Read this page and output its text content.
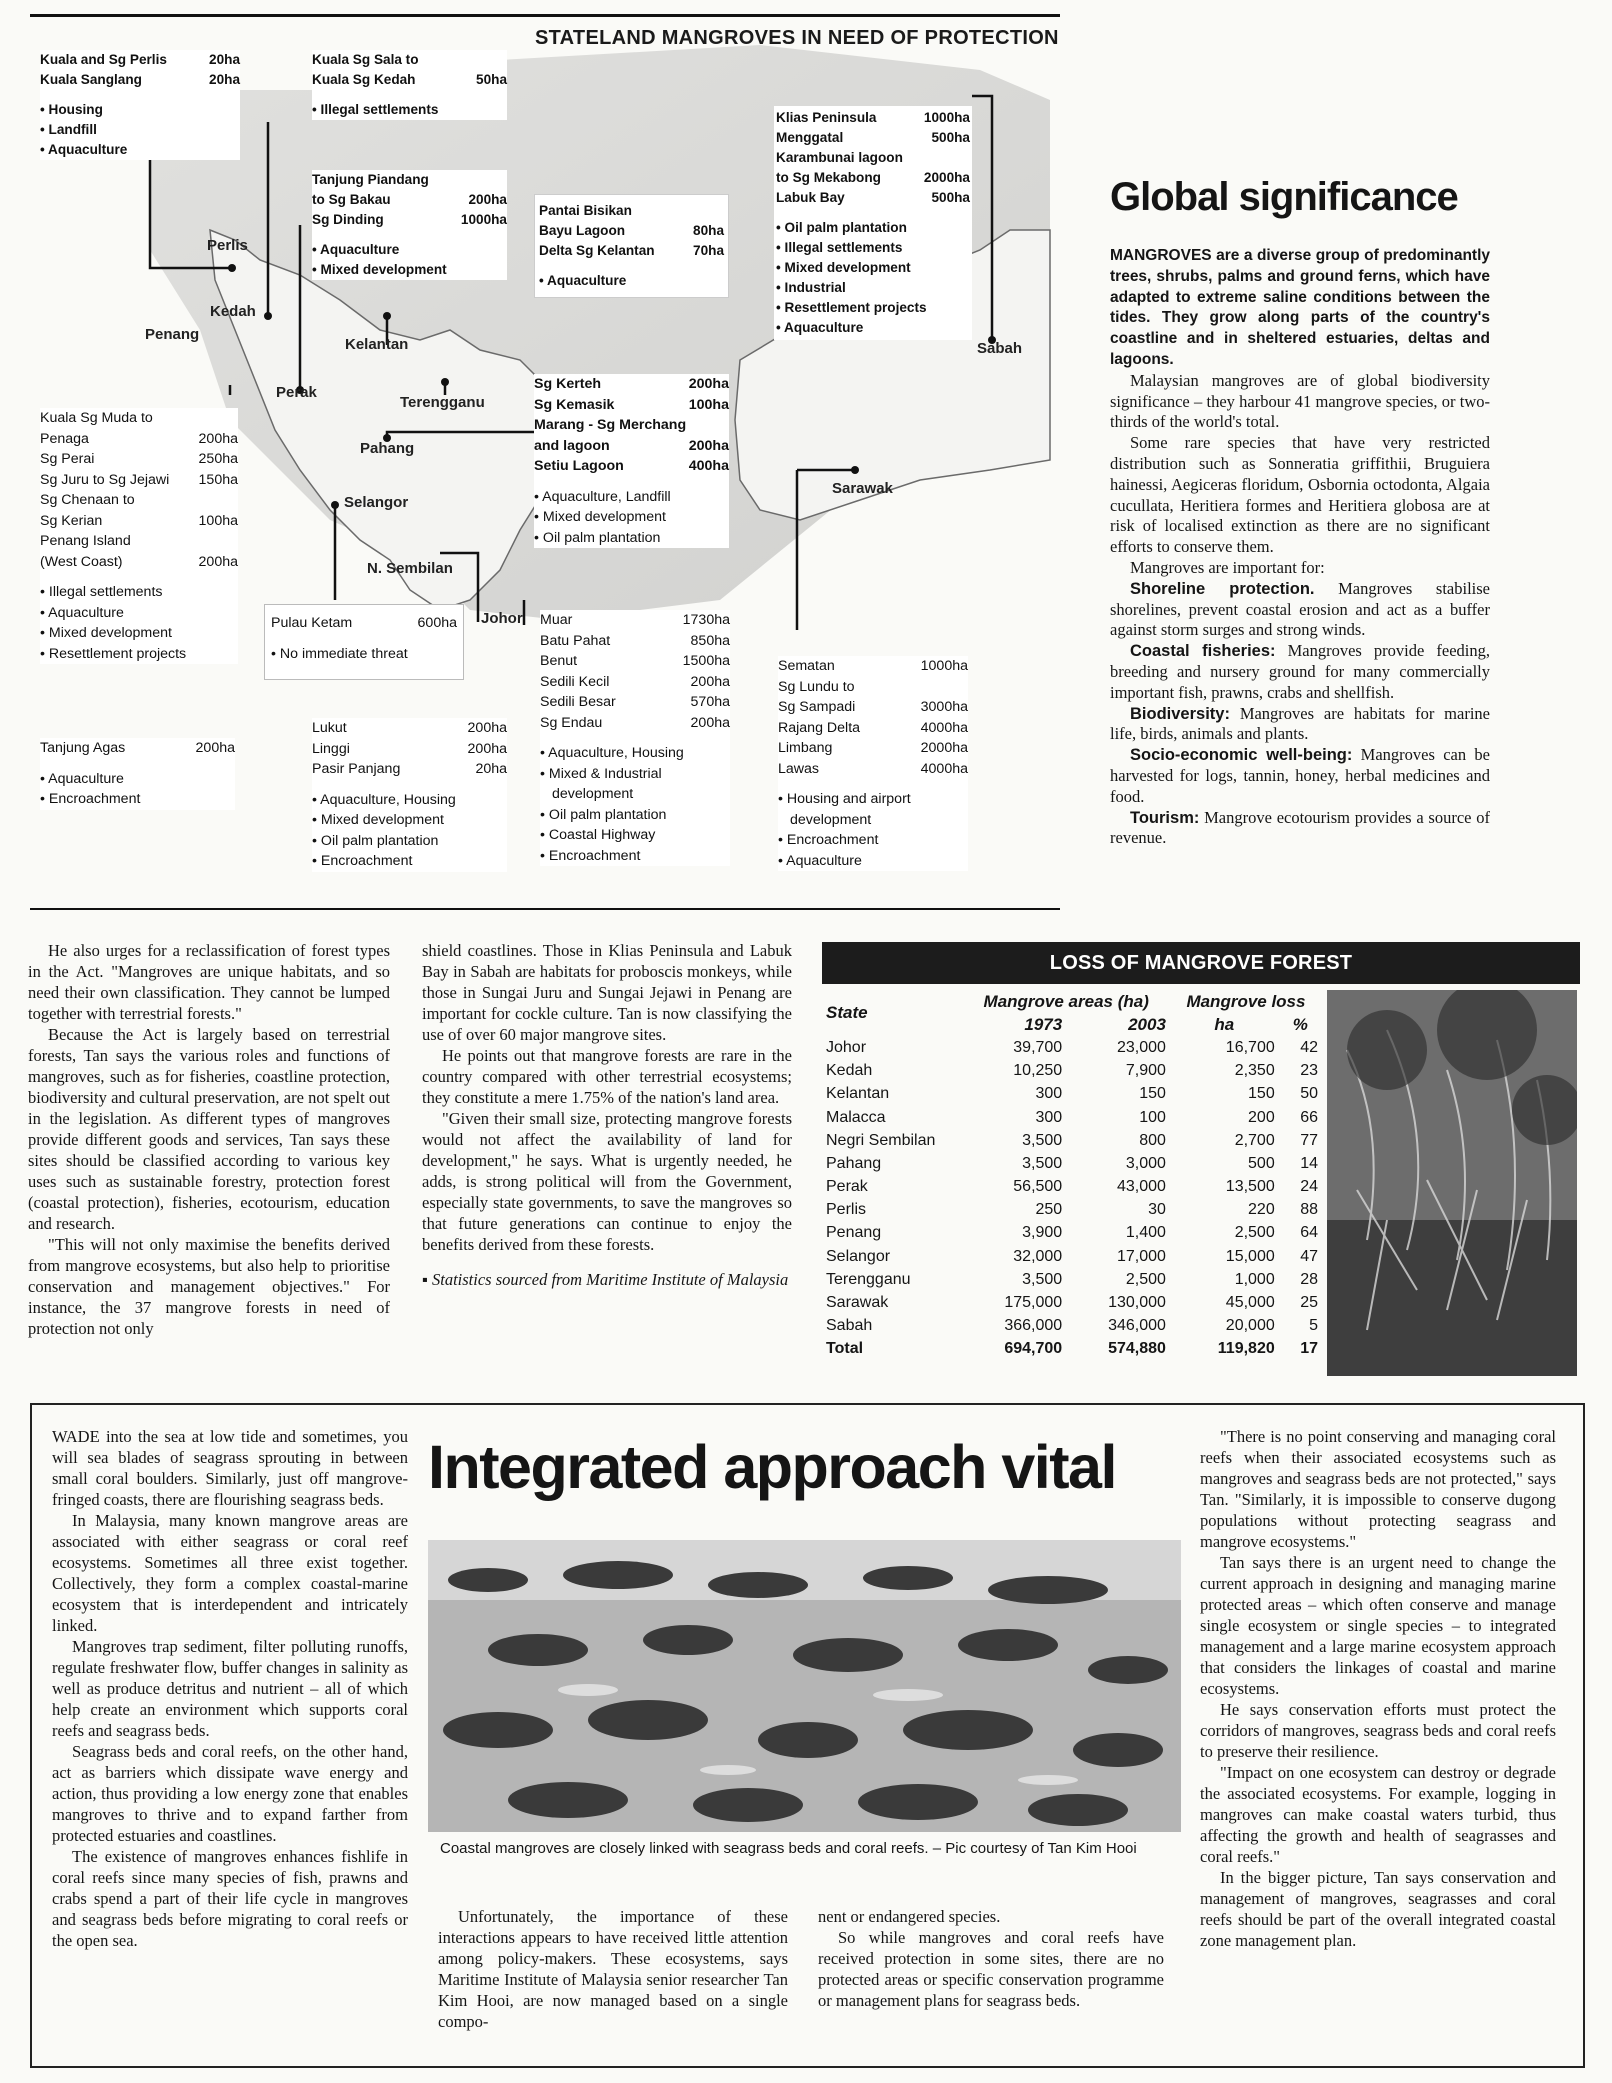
STATELAND MANGROVES IN NEED OF PROTECTION
Perlis
Kedah
Penang
Perak
Kelantan
Terengganu
Pahang
Selangor
N. Sembilan
Johor
Sabah
Sarawak
Kuala and Sg Perlis	20ha
Kuala Sanglang	20ha
• Housing
• Landfill
• Aquaculture
Kuala Sg Sala to
Kuala Sg Kedah	50ha
• Illegal settlements
Tanjung Piandang
to Sg Bakau	200ha
Sg Dinding	1000ha
• Aquaculture
• Mixed development
Pantai Bisikan
Bayu Lagoon	80ha
Delta Sg Kelantan	70ha
• Aquaculture
Klias Peninsula	1000ha
Menggatal	500ha
Karambunai lagoon
to Sg Mekabong	2000ha
Labuk Bay	500ha
• Oil palm plantation
• Illegal settlements
• Mixed development
• Industrial
• Resettlement projects
• Aquaculture
Kuala Sg Muda to
Penaga	200ha
Sg Perai	250ha
Sg Juru to Sg Jejawi 150ha
Sg Chenaan to
Sg Kerian	100ha
Penang Island
(West Coast)	200ha
• Illegal settlements
• Aquaculture
• Mixed development
• Resettlement projects
Sg Kerteh	200ha
Sg Kemasik	100ha
Marang - Sg Merchang
and lagoon	200ha
Setiu Lagoon	400ha
• Aquaculture, Landfill
• Mixed development
• Oil palm plantation
Pulau Ketam	600ha
• No immediate threat
Muar	1730ha
Batu Pahat	850ha
Benut	1500ha
Sedili Kecil	200ha
Sedili Besar	570ha
Sg Endau	200ha
• Aquaculture, Housing
• Mixed & Industrial
development
• Oil palm plantation
• Coastal Highway
• Encroachment
Sematan	1000ha
Sg Lundu to
Sg Sampadi	3000ha
Rajang Delta	4000ha
Limbang	2000ha
Lawas	4000ha
• Housing and airport
development
• Encroachment
• Aquaculture
Lukut	200ha
Linggi	200ha
Pasir Panjang	20ha
• Aquaculture, Housing
• Mixed development
• Oil palm plantation
• Encroachment
Tanjung Agas	200ha
• Aquaculture
• Encroachment
Global significance

MANGROVES are a diverse group of predominantly trees, shrubs, palms and ground ferns, which have adapted to extreme saline conditions between the tides. They grow along parts of the country's coastline and in sheltered estuaries, deltas and lagoons.

Malaysian mangroves are of global biodiversity significance – they harbour 41 mangrove species, or two-thirds of the world's total.

Some rare species that have very restricted distribution such as Sonneratia griffithii, Bruguiera hainessi, Aegiceras floridum, Osbornia octodonta, Algaia cucullata, Heritiera formes and Heritiera globosa are at risk of localised extinction as there are no significant efforts to conserve them.

Mangroves are important for:

Shoreline protection. Mangroves stabilise shorelines, prevent coastal erosion and act as a buffer against storm surges and strong winds.

Coastal fisheries: Mangroves provide feeding, breeding and nursery ground for many commercially important fish, prawns, crabs and shellfish.

Biodiversity: Mangroves are habitats for marine life, birds, animals and plants.

Socio-economic well-being: Mangroves can be harvested for logs, tannin, honey, herbal medicines and food.

Tourism: Mangrove ecotourism provides a source of revenue.

He also urges for a reclassification of forest types in the Act. "Mangroves are unique habitats, and so need their own classification. They cannot be lumped together with terrestrial forests."

Because the Act is largely based on terrestrial forests, Tan says the various roles and functions of mangroves, such as for fisheries, coastline protection, biodiversity and cultural preservation, are not spelt out in the legislation. As different types of mangroves provide different goods and services, Tan says these sites should be classified according to various key uses such as sustainable forestry, protection forest (coastal protection), fisheries, ecotourism, education and research.

"This will not only maximise the benefits derived from mangrove ecosystems, but also help to prioritise conservation and management objectives." For instance, the 37 mangrove forests in need of protection not only

shield coastlines. Those in Klias Peninsula and Labuk Bay in Sabah are habitats for proboscis monkeys, while those in Sungai Juru and Sungai Jejawi in Penang are important for cockle culture. Tan is now classifying the use of over 60 major mangrove sites.

He points out that mangrove forests are rare in the country compared with other terrestrial ecosystems; they constitute a mere 1.75% of the nation's land area.

"Given their small size, protecting mangrove forests would not affect the availability of land for development," he says. What is urgently needed, he adds, is strong political will from the Government, especially state governments, to save the mangroves so that future generations can continue to enjoy the benefits derived from these forests.

▪ Statistics sourced from Maritime Institute of Malaysia

LOSS OF MANGROVE FOREST
State	Mangrove areas (ha)		Mangrove loss	
	1973	2003	ha	%
Johor	39,700	23,000	16,700	42
Kedah	10,250	7,900	2,350	23
Kelantan	300	150	150	50
Malacca	300	100	200	66
Negri Sembilan	3,500	800	2,700	77
Pahang	3,500	3,000	500	14
Perak	56,500	43,000	13,500	24
Perlis	250	30	220	88
Penang	3,900	1,400	2,500	64
Selangor	32,000	17,000	15,000	47
Terengganu	3,500	2,500	1,000	28
Sarawak	175,000	130,000	45,000	25
Sabah	366,000	346,000	20,000	5
Total	694,700	574,880	119,820	17

WADE into the sea at low tide and sometimes, you will sea blades of seagrass sprouting in between small coral boulders. Similarly, just off mangrove-fringed coasts, there are flourishing seagrass beds.

In Malaysia, many known mangrove areas are associated with either seagrass or coral reef ecosystems. Sometimes all three exist together. Collectively, they form a complex coastal-marine ecosystem that is interdependent and intricately linked.

Mangroves trap sediment, filter polluting runoffs, regulate freshwater flow, buffer changes in salinity as well as produce detritus and nutrient – all of which help create an environment which supports coral reefs and seagrass beds.

Seagrass beds and coral reefs, on the other hand, act as barriers which dissipate wave energy and action, thus providing a low energy zone that enables mangroves to thrive and to expand farther from protected estuaries and coastlines.

The existence of mangroves enhances fishlife in coral reefs since many species of fish, prawns and crabs spend a part of their life cycle in mangroves and seagrass beds before migrating to coral reefs or the open sea.

Integrated approach vital
Coastal mangroves are closely linked with seagrass beds and coral reefs. – Pic courtesy of Tan Kim Hooi

Unfortunately, the importance of these interactions appears to have received little attention among policy-makers. These ecosystems, says Maritime Institute of Malaysia senior researcher Tan Kim Hooi, are now managed based on a single compo-

nent or endangered species.

So while mangroves and coral reefs have received protection in some sites, there are no protected areas or specific conservation programme or management plans for seagrass beds.

"There is no point conserving and managing coral reefs when their associated ecosystems such as mangroves and seagrass beds are not protected," says Tan. "Similarly, it is impossible to conserve dugong populations without protecting seagrass and mangrove ecosystems."

Tan says there is an urgent need to change the current approach in designing and managing marine protected areas – which often conserve and manage single ecosystem or single species – to integrated management and a large marine ecosystem approach that considers the linkages of coastal and marine ecosystems.

He says conservation efforts must protect the corridors of mangroves, seagrass beds and coral reefs to preserve their resilience.

"Impact on one ecosystem can destroy or degrade the associated ecosystems. For example, logging in mangroves can make coastal waters turbid, thus affecting the growth and health of seagrasses and coral reefs."

In the bigger picture, Tan says conservation and management of mangroves, seagrasses and coral reefs should be part of the overall integrated coastal zone management plan.
